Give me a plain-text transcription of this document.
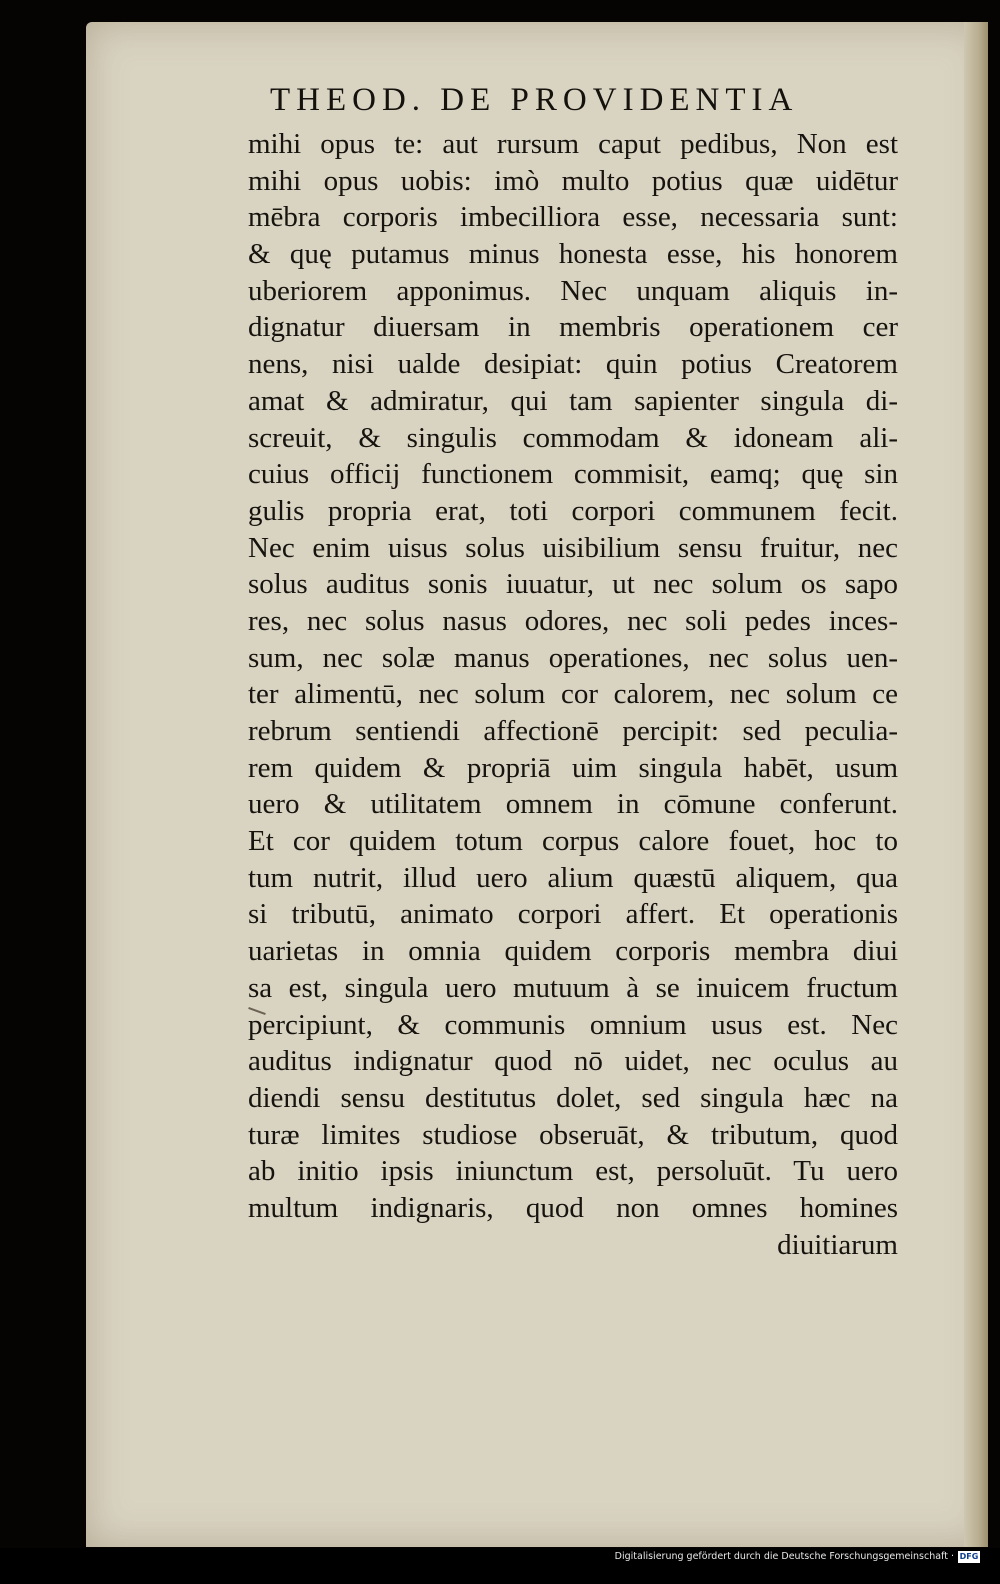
THEOD. DE PROVIDENTIA
mihi opus te: aut rursum caput pedibus, Non est
mihi opus uobis: imò multo potius quæ uidētur
mēbra corporis imbecilliora esse, necessaria sunt:
& quę putamus minus honesta esse, his honorem
uberiorem apponimus. Nec unquam aliquis in-
dignatur diuersam in membris operationem cer
nens, nisi ualde desipiat: quin potius Creatorem
amat & admiratur, qui tam sapienter singula di-
screuit, & singulis commodam & idoneam ali-
cuius officij functionem commisit, eamq; quę sin
gulis propria erat, toti corpori communem fecit.
Nec enim uisus solus uisibilium sensu fruitur, nec
solus auditus sonis iuuatur, ut nec solum os sapo
res, nec solus nasus odores, nec soli pedes inces-
sum, nec solæ manus operationes, nec solus uen-
ter alimentū, nec solum cor calorem, nec solum ce
rebrum sentiendi affectionē percipit: sed peculia-
rem quidem & propriā uim singula habēt, usum
uero & utilitatem omnem in cōmune conferunt.
Et cor quidem totum corpus calore fouet, hoc to
tum nutrit, illud uero alium quæstū aliquem, qua
si tributū, animato corpori affert. Et operationis
uarietas in omnia quidem corporis membra diui
sa est, singula uero mutuum à se inuicem fructum
percipiunt, & communis omnium usus est. Nec
auditus indignatur quod nō uidet, nec oculus au
diendi sensu destitutus dolet, sed singula hæc na
turæ limites studiose obseruāt, & tributum, quod
ab initio ipsis iniunctum est, persoluūt. Tu uero
multum indignaris, quod non omnes homines
diuitiarum
Digitalisierung gefördert durch die Deutsche Forschungsgemeinschaft · DFG
